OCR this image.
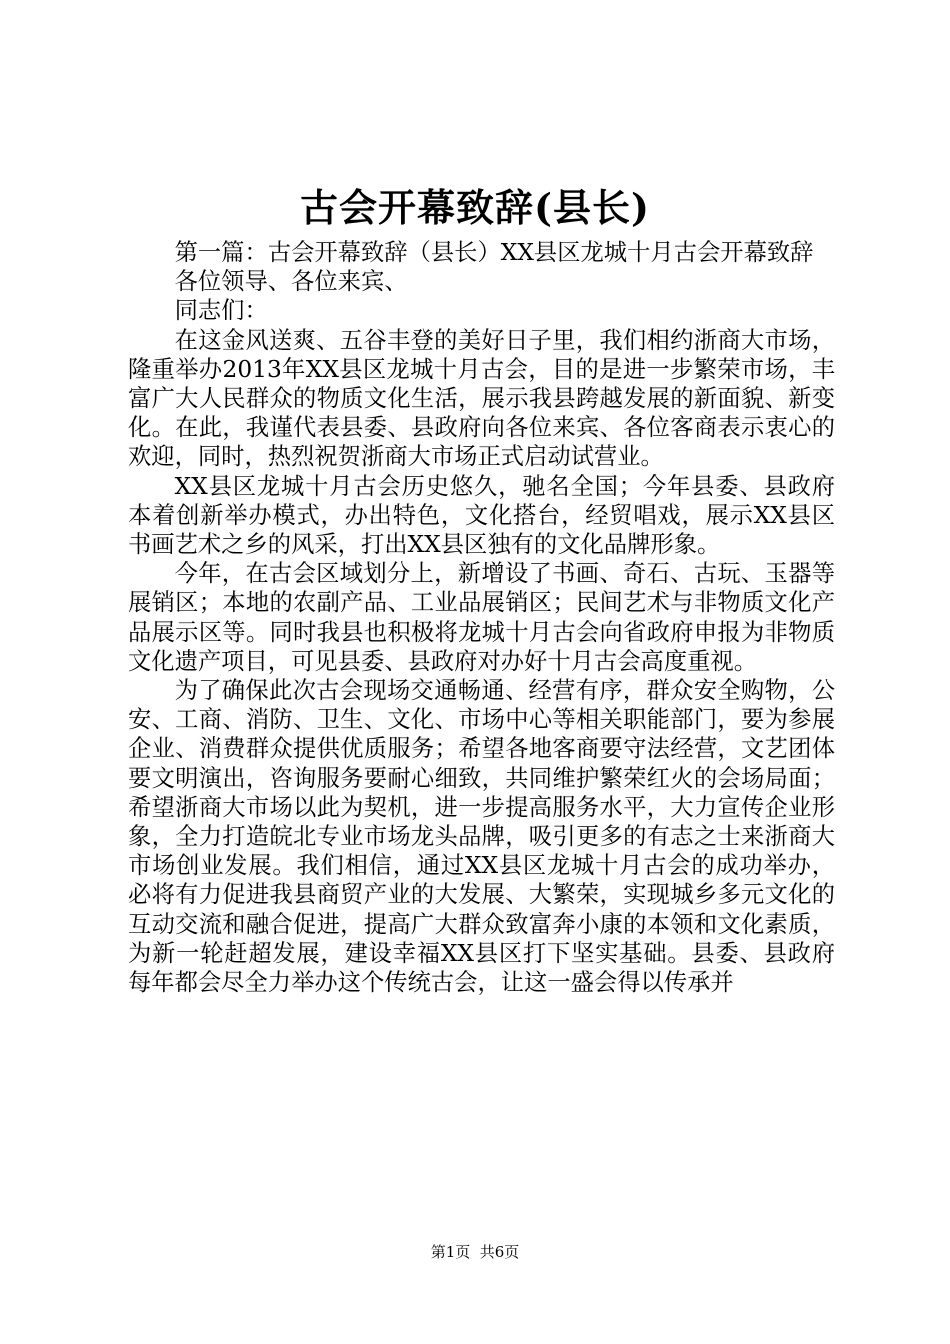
古会开幕致辞(县长)

第一篇：古会开幕致辞（县长）XX县区龙城十月古会开幕致辞

各位领导、各位来宾、

同志们：

在这金风送爽、五谷丰登的美好日子里，我们相约浙商大市场，隆重举办2013年XX县区龙城十月古会，目的是进一步繁荣市场，丰富广大人民群众的物质文化生活，展示我县跨越发展的新面貌、新变化。在此，我谨代表县委、县政府向各位来宾、各位客商表示衷心的欢迎，同时，热烈祝贺浙商大市场正式启动试营业。

XX县区龙城十月古会历史悠久，驰名全国；今年县委、县政府本着创新举办模式，办出特色，文化搭台，经贸唱戏，展示XX县区书画艺术之乡的风采，打出XX县区独有的文化品牌形象。

今年，在古会区域划分上，新增设了书画、奇石、古玩、玉器等展销区；本地的农副产品、工业品展销区；民间艺术与非物质文化产品展示区等。同时我县也积极将龙城十月古会向省政府申报为非物质文化遗产项目，可见县委、县政府对办好十月古会高度重视。

为了确保此次古会现场交通畅通、经营有序，群众安全购物，公安、工商、消防、卫生、文化、市场中心等相关职能部门，要为参展企业、消费群众提供优质服务；希望各地客商要守法经营，文艺团体要文明演出，咨询服务要耐心细致，共同维护繁荣红火的会场局面；希望浙商大市场以此为契机，进一步提高服务水平，大力宣传企业形象，全力打造皖北专业市场龙头品牌，吸引更多的有志之士来浙商大市场创业发展。我们相信，通过XX县区龙城十月古会的成功举办，必将有力促进我县商贸产业的大发展、大繁荣，实现城乡多元文化的互动交流和融合促进，提高广大群众致富奔小康的本领和文化素质，为新一轮赶超发展，建设幸福XX县区打下坚实基础。县委、县政府每年都会尽全力举办这个传统古会，让这一盛会得以传承并

第1页  共6页
